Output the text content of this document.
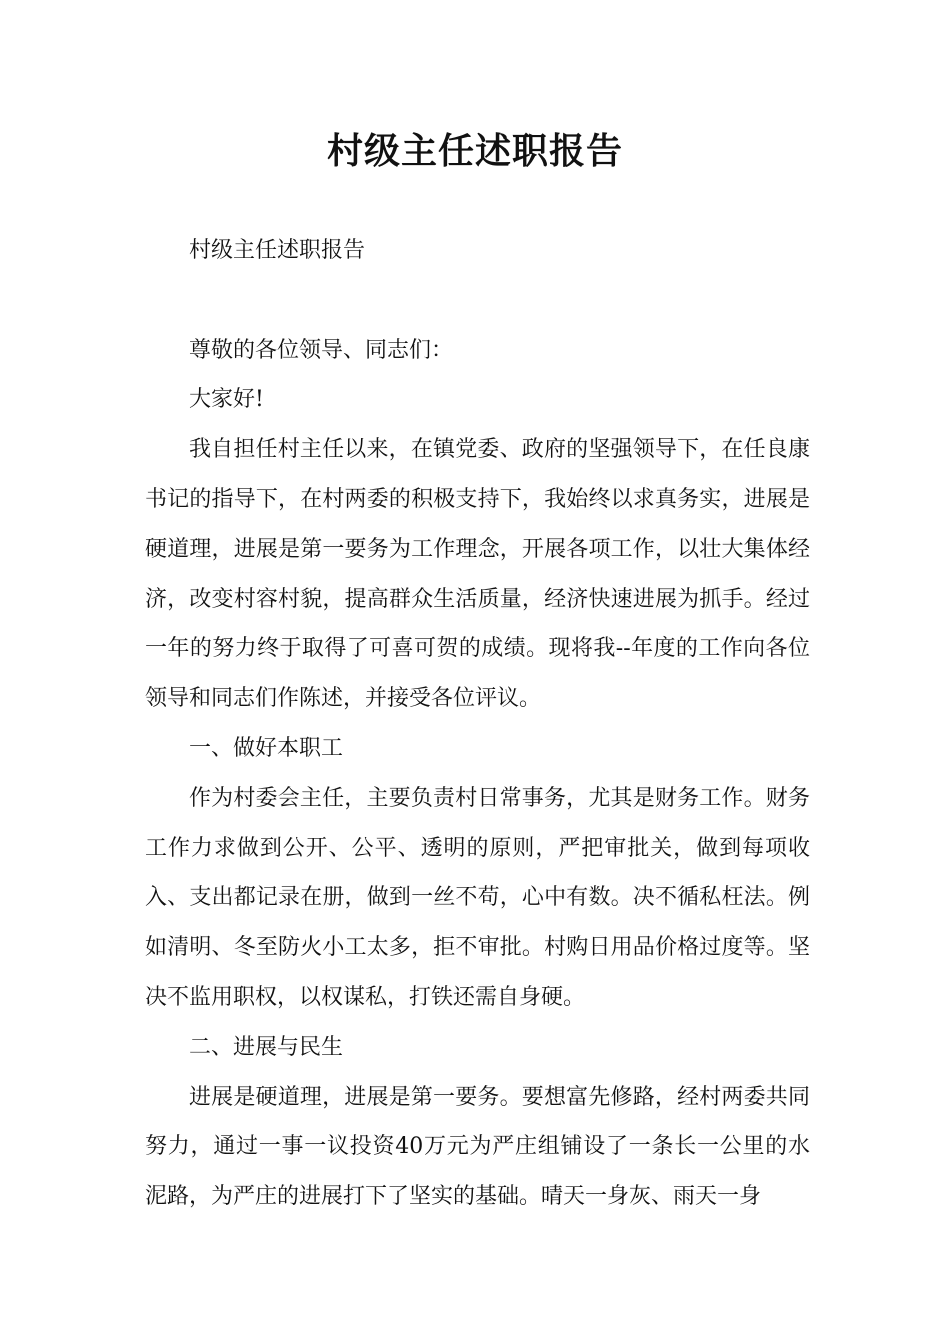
村级主任述职报告

村级主任述职报告

尊敬的各位领导、同志们：

大家好!

我自担任村主任以来，在镇党委、政府的坚强领导下，在任良康书记的指导下，在村两委的积极支持下，我始终以求真务实，进展是硬道理，进展是第一要务为工作理念，开展各项工作，以壮大集体经济，改变村容村貌，提高群众生活质量，经济快速进展为抓手。经过一年的努力终于取得了可喜可贺的成绩。现将我--年度的工作向各位领导和同志们作陈述，并接受各位评议。

一、做好本职工

作为村委会主任，主要负责村日常事务，尤其是财务工作。财务工作力求做到公开、公平、透明的原则，严把审批关，做到每项收入、支出都记录在册，做到一丝不苟，心中有数。决不循私枉法。例如清明、冬至防火小工太多，拒不审批。村购日用品价格过度等。坚决不监用职权，以权谋私，打铁还需自身硬。

二、进展与民生

进展是硬道理，进展是第一要务。要想富先修路，经村两委共同努力，通过一事一议投资40万元为严庄组铺设了一条长一公里的水泥路，为严庄的进展打下了坚实的基础。晴天一身灰、雨天一身
